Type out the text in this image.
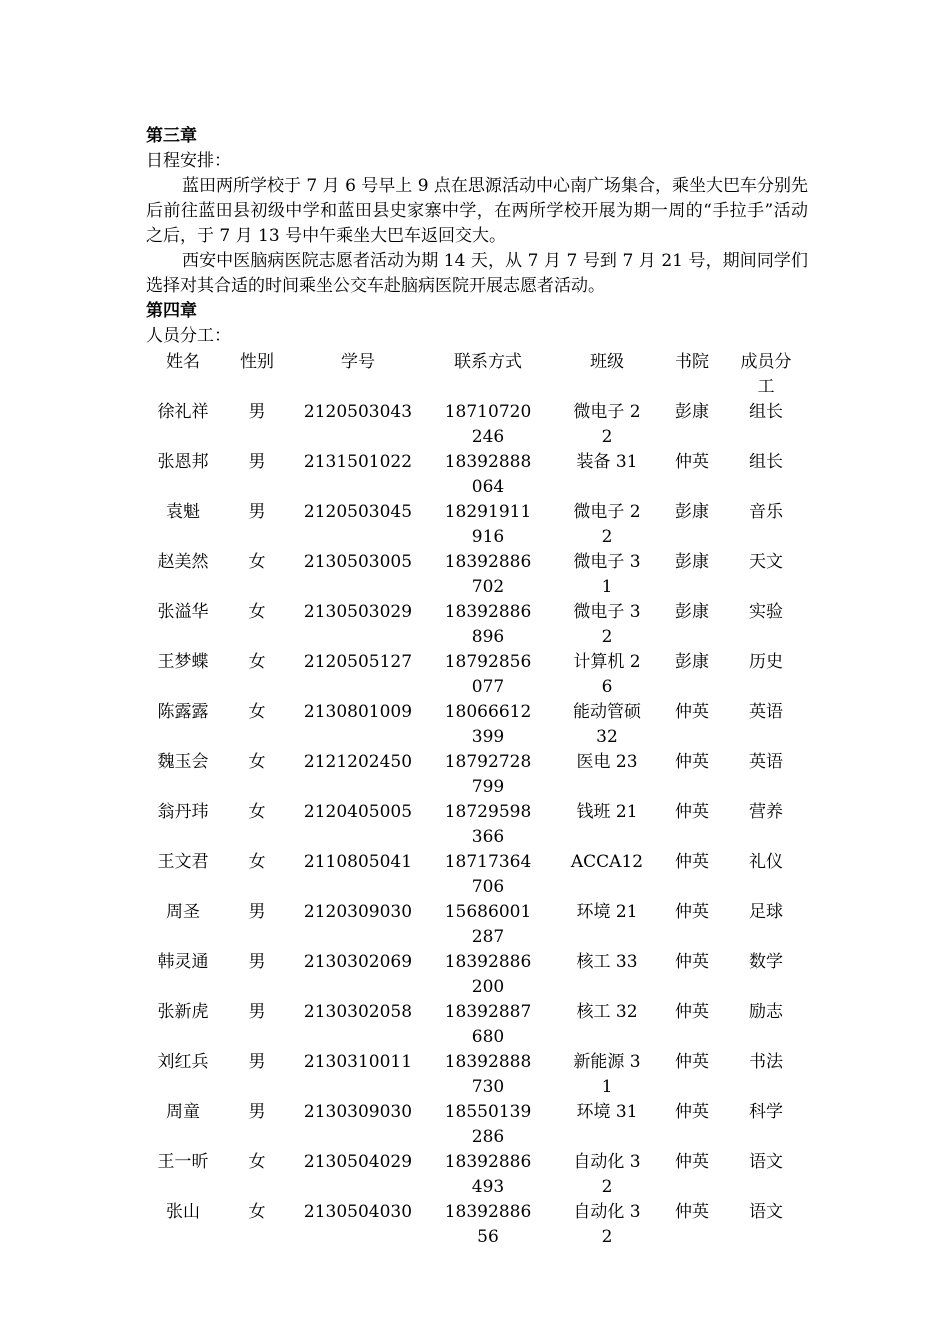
第三章
日程安排：

蓝田两所学校于 7 月 6 号早上 9 点在思源活动中心南广场集合，乘坐大巴车分别先后前往蓝田县初级中学和蓝田县史家寨中学，在两所学校开展为期一周的“手拉手”活动之后，于 7 月 13 号中午乘坐大巴车返回交大。

西安中医脑病医院志愿者活动为期 14 天，从 7 月 7 号到 7 月 21 号，期间同学们选择对其合适的时间乘坐公交车赴脑病医院开展志愿者活动。

第四章
人员分工：
姓名	性别	学号	联系方式	班级	书院	成员分工
徐礼祥	男	2120503043	18710720246	微电子 22	彭康	组长
张恩邦	男	2131501022	18392888064	装备 31	仲英	组长
袁魁	男	2120503045	18291911916	微电子 22	彭康	音乐
赵美然	女	2130503005	18392886702	微电子 31	彭康	天文
张溢华	女	2130503029	18392886896	微电子 32	彭康	实验
王梦蝶	女	2120505127	18792856077	计算机 26	彭康	历史
陈露露	女	2130801009	18066612399	能动管硕 32	仲英	英语
魏玉会	女	2121202450	18792728799	医电 23	仲英	英语
翁丹玮	女	2120405005	18729598366	钱班 21	仲英	营养
王文君	女	2110805041	18717364706	ACCA12	仲英	礼仪
周圣	男	2120309030	15686001287	环境 21	仲英	足球
韩灵通	男	2130302069	18392886200	核工 33	仲英	数学
张新虎	男	2130302058	18392887680	核工 32	仲英	励志
刘红兵	男	2130310011	18392888730	新能源 31	仲英	书法
周童	男	2130309030	18550139286	环境 31	仲英	科学
王一昕	女	2130504029	18392886493	自动化 32	仲英	语文
张山	女	2130504030	1839288656	自动化 32	仲英	语文
